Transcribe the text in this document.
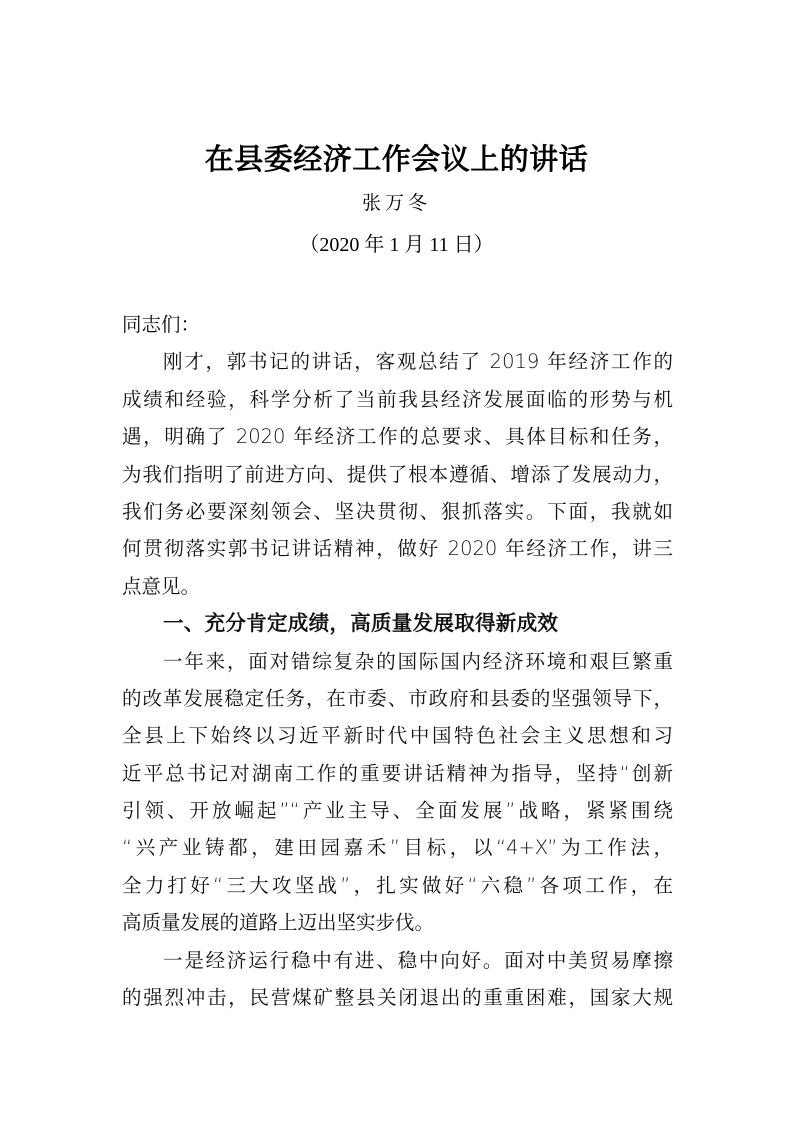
在县委经济工作会议上的讲话
张万冬
（2020 年 1 月 11 日）
同志们：
刚才，郭书记的讲话，客观总结了 2019 年经济工作的
成绩和经验，科学分析了当前我县经济发展面临的形势与机
遇，明确了 2020 年经济工作的总要求、具体目标和任务，
为我们指明了前进方向、提供了根本遵循、增添了发展动力，
我们务必要深刻领会、坚决贯彻、狠抓落实。下面，我就如
何贯彻落实郭书记讲话精神，做好 2020 年经济工作，讲三
点意见。
一、充分肯定成绩，高质量发展取得新成效
一年来，面对错综复杂的国际国内经济环境和艰巨繁重
的改革发展稳定任务，在市委、市政府和县委的坚强领导下，
全县上下始终以习近平新时代中国特色社会主义思想和习
近平总书记对湖南工作的重要讲话精神为指导，坚持“创新
引领、开放崛起”“产业主导、全面发展”战略，紧紧围绕
“兴产业铸都，建田园嘉禾”目标，以“4+X”为工作法，
全力打好“三大攻坚战”，扎实做好“六稳”各项工作，在
高质量发展的道路上迈出坚实步伐。
一是经济运行稳中有进、稳中向好。面对中美贸易摩擦
的强烈冲击，民营煤矿整县关闭退出的重重困难，国家大规
